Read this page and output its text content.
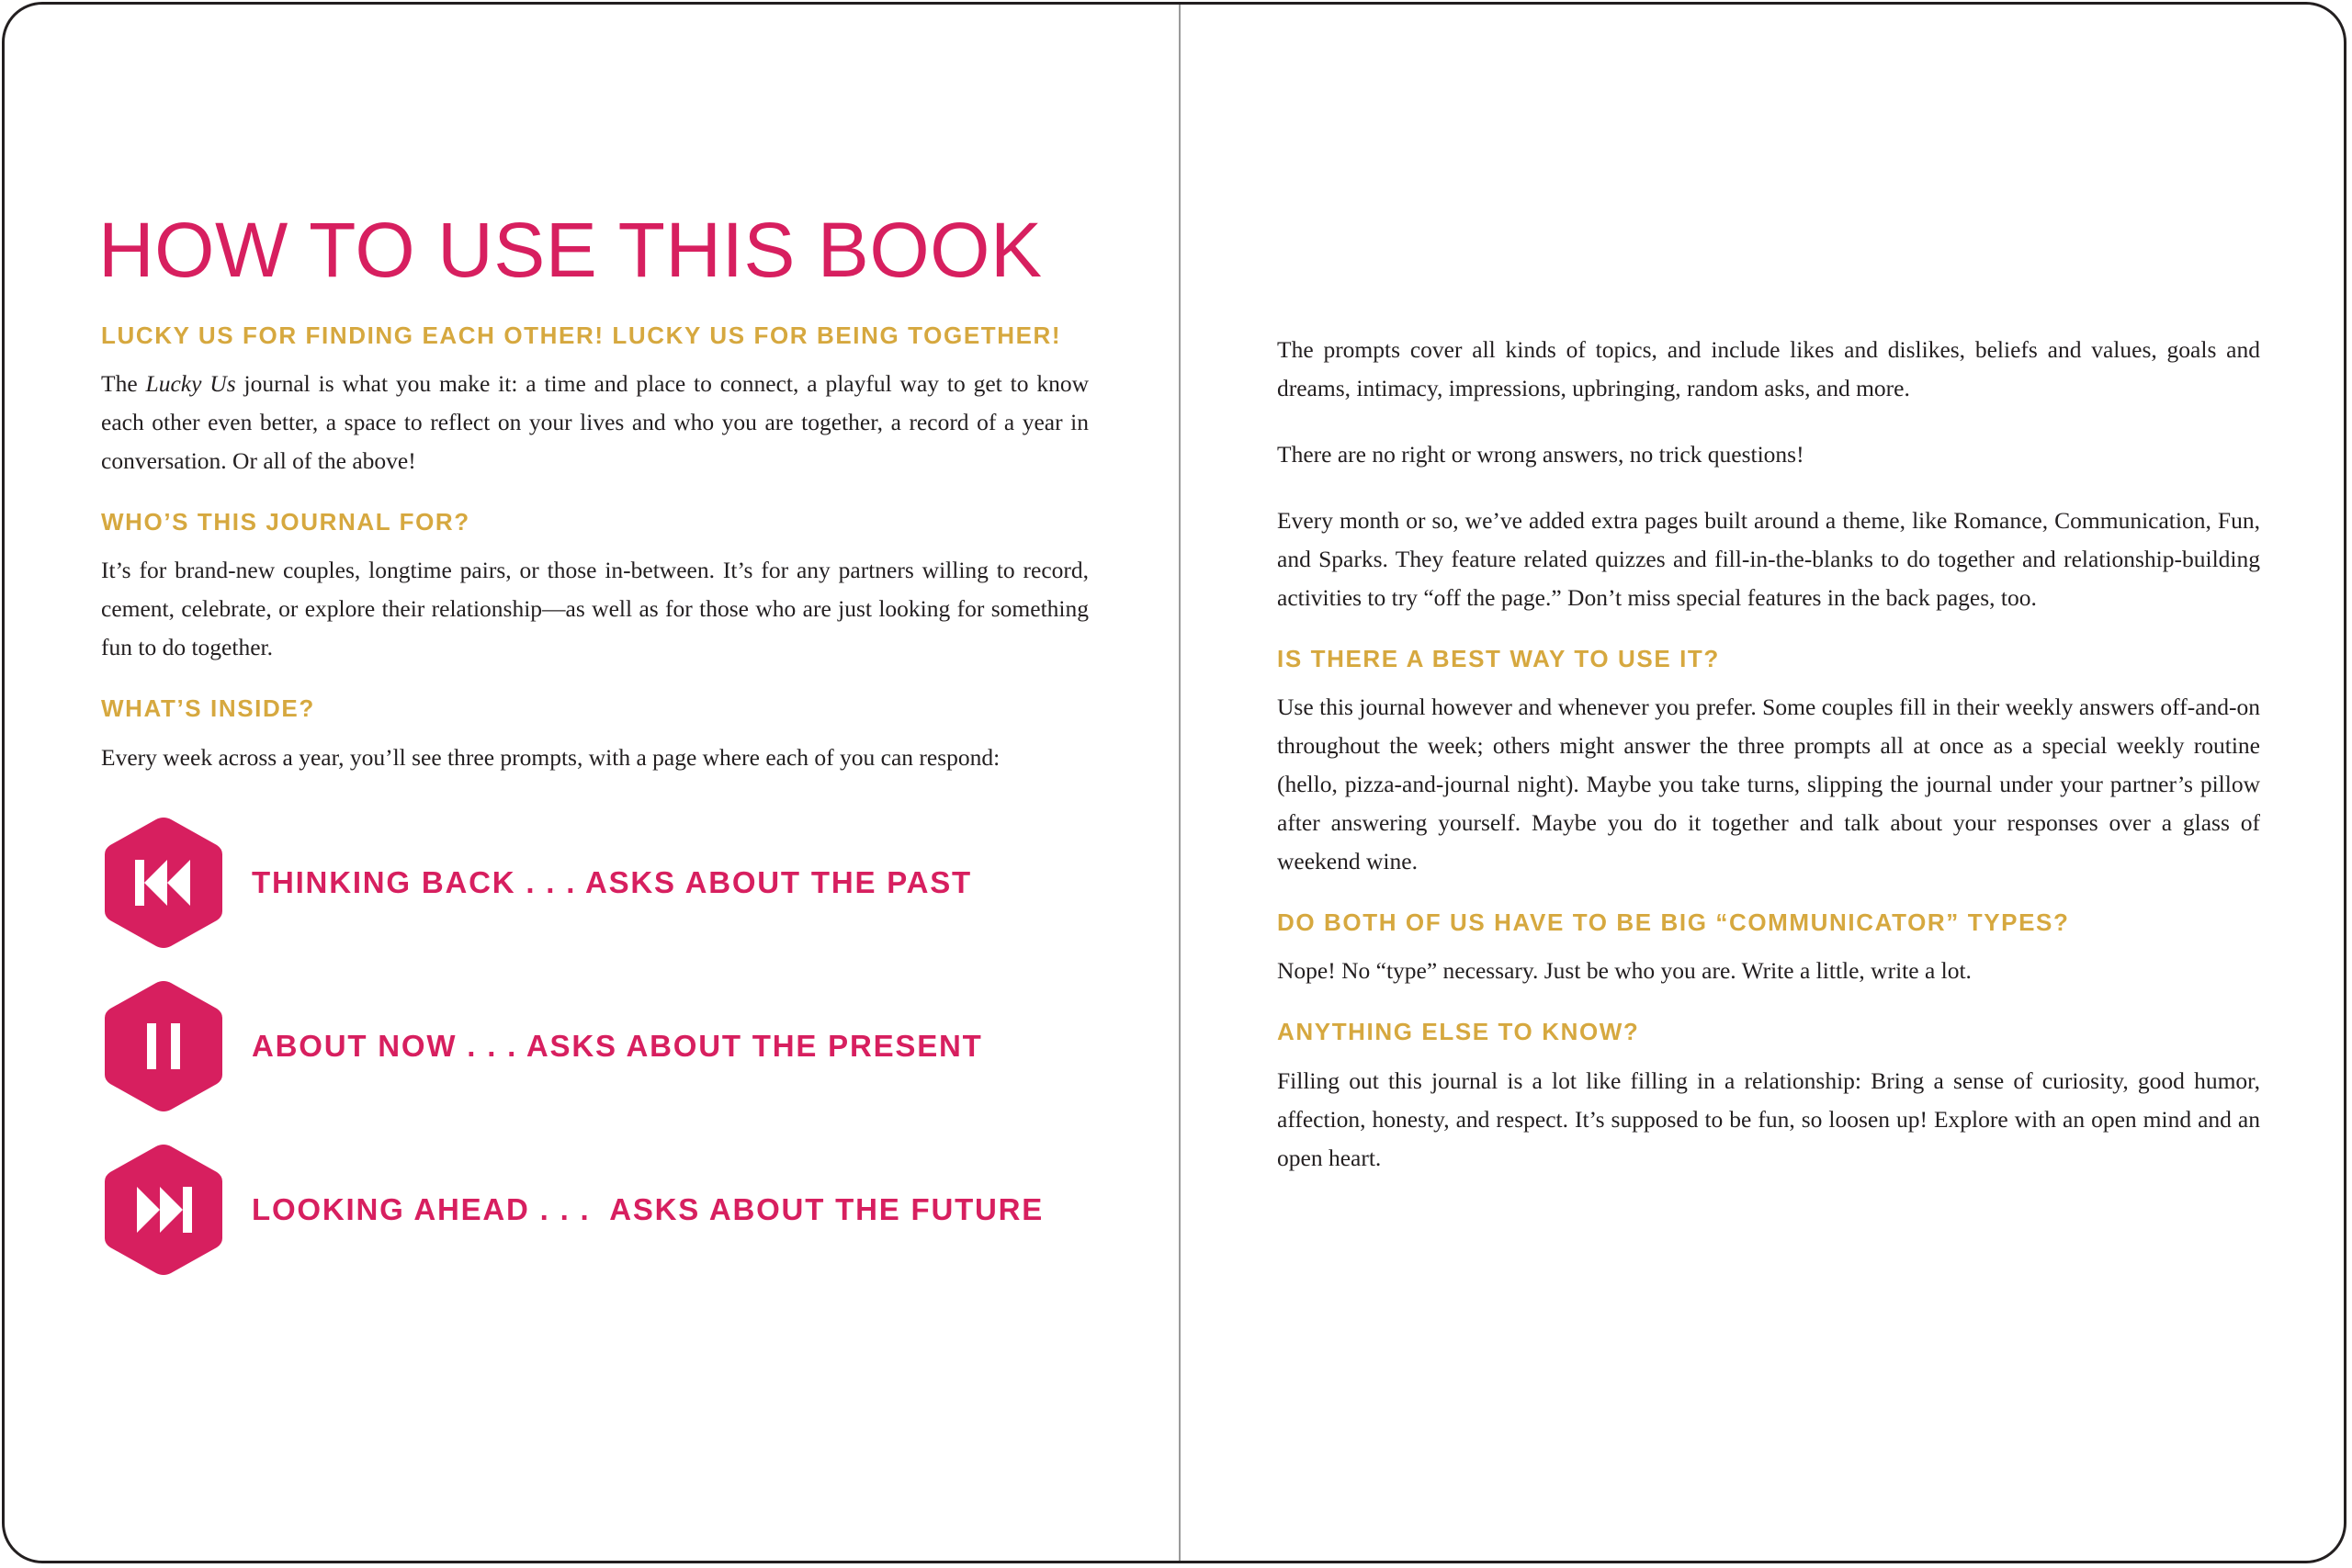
HOW TO USE THIS BOOK
LUCKY US FOR FINDING EACH OTHER! LUCKY US FOR BEING TOGETHER!

The Lucky Us journal is what you make it: a time and place to connect, a playful way to get to know each other even better, a space to reflect on your lives and who you are together, a record of a year in conversation. Or all of the above!

WHO’S THIS JOURNAL FOR?

It’s for brand-new couples, longtime pairs, or those in-between. It’s for any partners willing to record, cement, celebrate, or explore their relationship—as well as for those who are just looking for something fun to do together.

WHAT’S INSIDE?

Every week across a year, you’ll see three prompts, with a page where each of you can respond:

THINKING BACK . . . ASKS ABOUT THE PAST
ABOUT NOW . . . ASKS ABOUT THE PRESENT
LOOKING AHEAD . . .  ASKS ABOUT THE FUTURE

The prompts cover all kinds of topics, and include likes and dislikes, beliefs and values, goals and dreams, intimacy, impressions, upbringing, random asks, and more.

There are no right or wrong answers, no trick questions!

Every month or so, we’ve added extra pages built around a theme, like Romance, Communication, Fun, and Sparks. They feature related quizzes and fill-in-the-blanks to do together and relationship-building activities to try “off the page.” Don’t miss special features in the back pages, too.

IS THERE A BEST WAY TO USE IT?

Use this journal however and whenever you prefer. Some couples fill in their weekly answers off-and-on throughout the week; others might answer the three prompts all at once as a special weekly routine (hello, pizza-and-journal night). Maybe you take turns, slipping the journal under your partner’s pillow after answering yourself. Maybe you do it together and talk about your responses over a glass of weekend wine.

DO BOTH OF US HAVE TO BE BIG “COMMUNICATOR” TYPES?

Nope! No “type” necessary. Just be who you are. Write a little, write a lot.

ANYTHING ELSE TO KNOW?

Filling out this journal is a lot like filling in a relationship: Bring a sense of curiosity, good humor, affection, honesty, and respect. It’s supposed to be fun, so loosen up! Explore with an open mind and an open heart.
